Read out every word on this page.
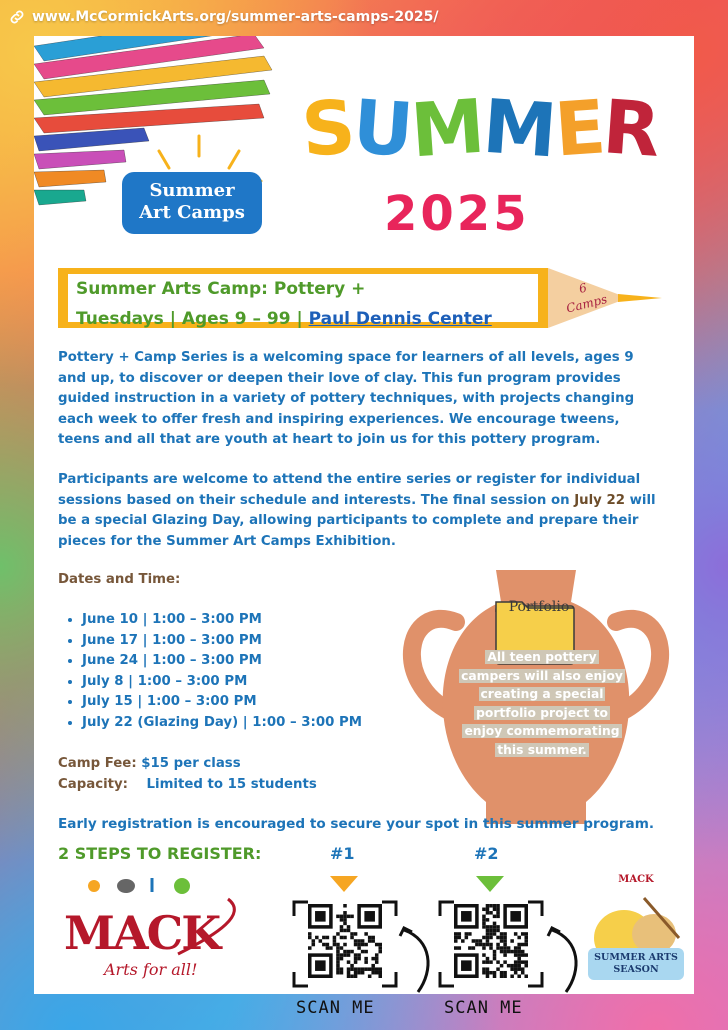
www.McCormickArts.org/summer-arts-camps-2025/
Summer
Art Camps
S
U
M
M
E
R
2025
Summer Arts Camp: Pottery +
Tuesdays | Ages 9 – 99 | Paul Dennis Center
6
Camps
Pottery + Camp Series is a welcoming space for learners of all levels, ages 9 and up, to discover or deepen their love of clay. This fun program provides guided instruction in a variety of pottery techniques, with projects changing each week to offer fresh and inspiring experiences. We encourage tweens, teens and all that are youth at heart to join us for this pottery program.
Participants are welcome to attend the entire series or register for individual sessions based on their schedule and interests. The final session on July 22 will be a special Glazing Day, allowing participants to complete and prepare their pieces for the Summer Art Camps Exhibition.
Dates and Time:
• June 10 | 1:00 – 3:00 PM
• June 17 | 1:00 – 3:00 PM
• June 24 | 1:00 – 3:00 PM
• July 8 | 1:00 – 3:00 PM
• July 15 | 1:00 – 3:00 PM
• July 22 (Glazing Day) | 1:00 – 3:00 PM
Camp Fee: $15 per class
Capacity: Limited to 15 students
Portfolio
All teen pottery campers will also enjoy creating a special portfolio project to enjoy commemorating this summer.
Early registration is encouraged to secure your spot in this summer program.
2 STEPS TO REGISTER:	#1	#2
SCAN ME	SCAN ME
MACK
Arts for all!
MACK
SUMMER ARTS
SEASON
